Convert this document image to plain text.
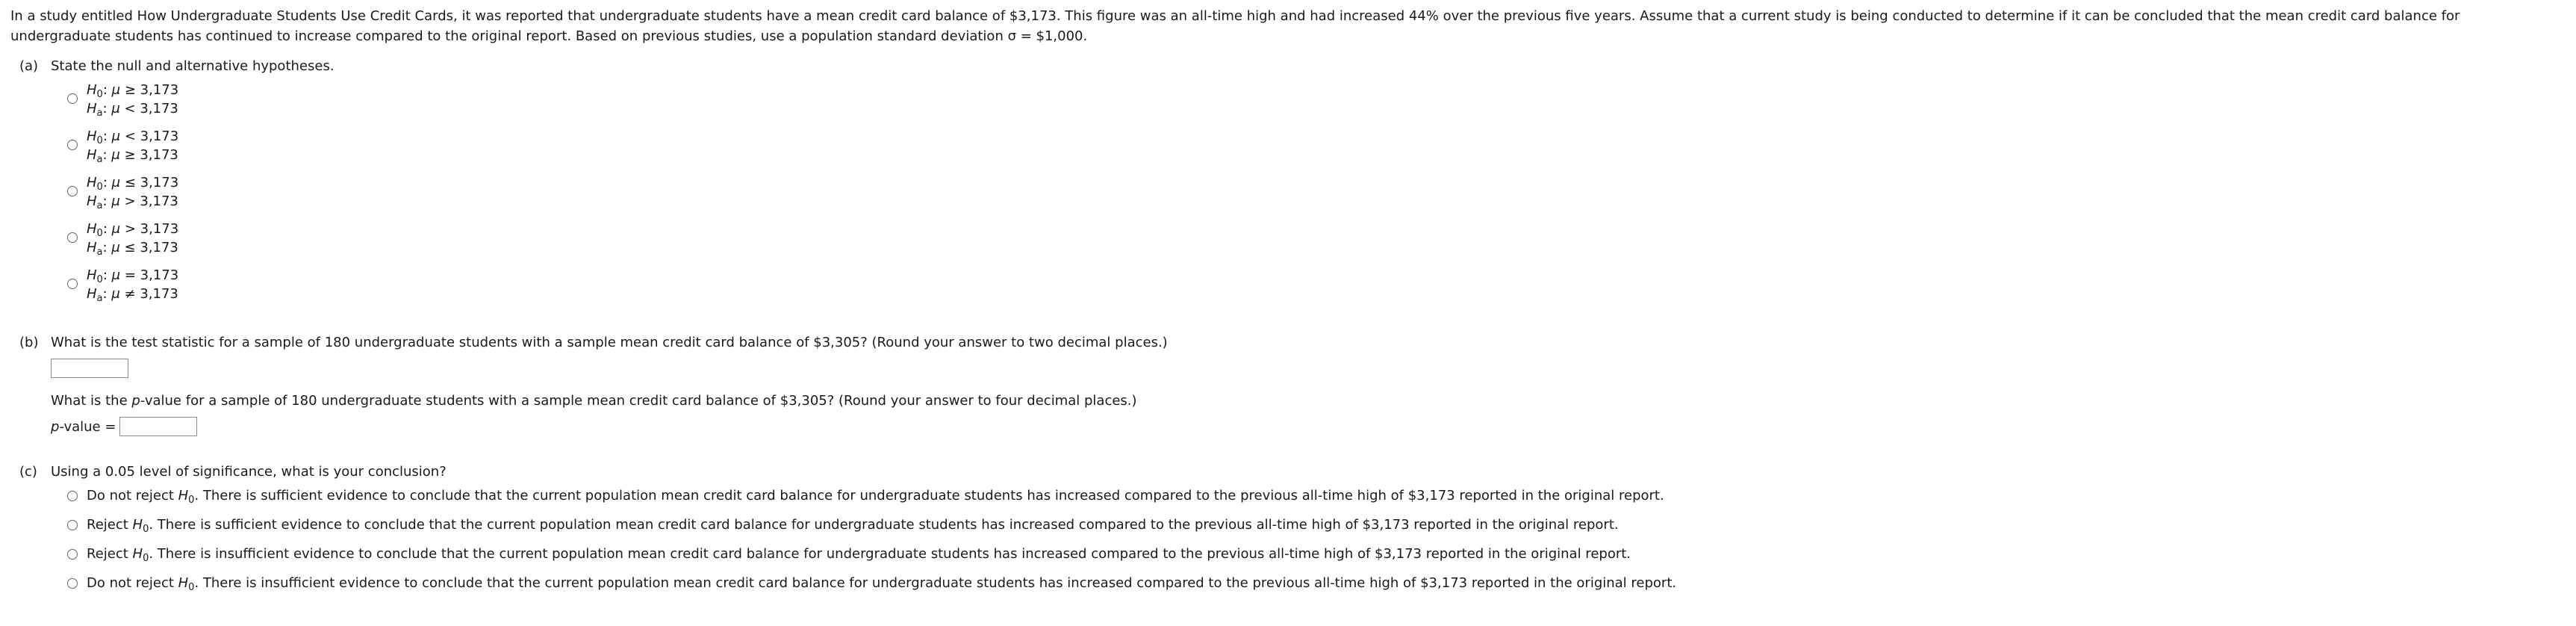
In a study entitled How Undergraduate Students Use Credit Cards, it was reported that undergraduate students have a mean credit card balance of $3,173. This figure was an all-time high and had increased 44% over the previous five years. Assume that a current study is being conducted to determine if it can be concluded that the mean credit card balance for undergraduate students has continued to increase compared to the original report. Based on previous studies, use a population standard deviation σ = $1,000.

(a) State the null and alternative hypotheses.
$H_0$: μ ≥ 3,173
$H_a$: μ < 3,173
$H_0$: μ < 3,173
$H_a$: μ ≥ 3,173
$H_0$: μ ≤ 3,173
$H_a$: μ > 3,173
$H_0$: μ > 3,173
$H_a$: μ ≤ 3,173
$H_0$: μ = 3,173
$H_a$: μ ≠ 3,173
(b) What is the test statistic for a sample of 180 undergraduate students with a sample mean credit card balance of $3,305? (Round your answer to two decimal places.)
What is the p-value for a sample of 180 undergraduate students with a sample mean credit card balance of $3,305? (Round your answer to four decimal places.)
p-value =
(c) Using a 0.05 level of significance, what is your conclusion?
Do not reject $H_0$. There is sufficient evidence to conclude that the current population mean credit card balance for undergraduate students has increased compared to the previous all-time high of $3,173 reported in the original report.
Reject $H_0$. There is sufficient evidence to conclude that the current population mean credit card balance for undergraduate students has increased compared to the previous all-time high of $3,173 reported in the original report.
Reject $H_0$. There is insufficient evidence to conclude that the current population mean credit card balance for undergraduate students has increased compared to the previous all-time high of $3,173 reported in the original report.
Do not reject $H_0$. There is insufficient evidence to conclude that the current population mean credit card balance for undergraduate students has increased compared to the previous all-time high of $3,173 reported in the original report.
